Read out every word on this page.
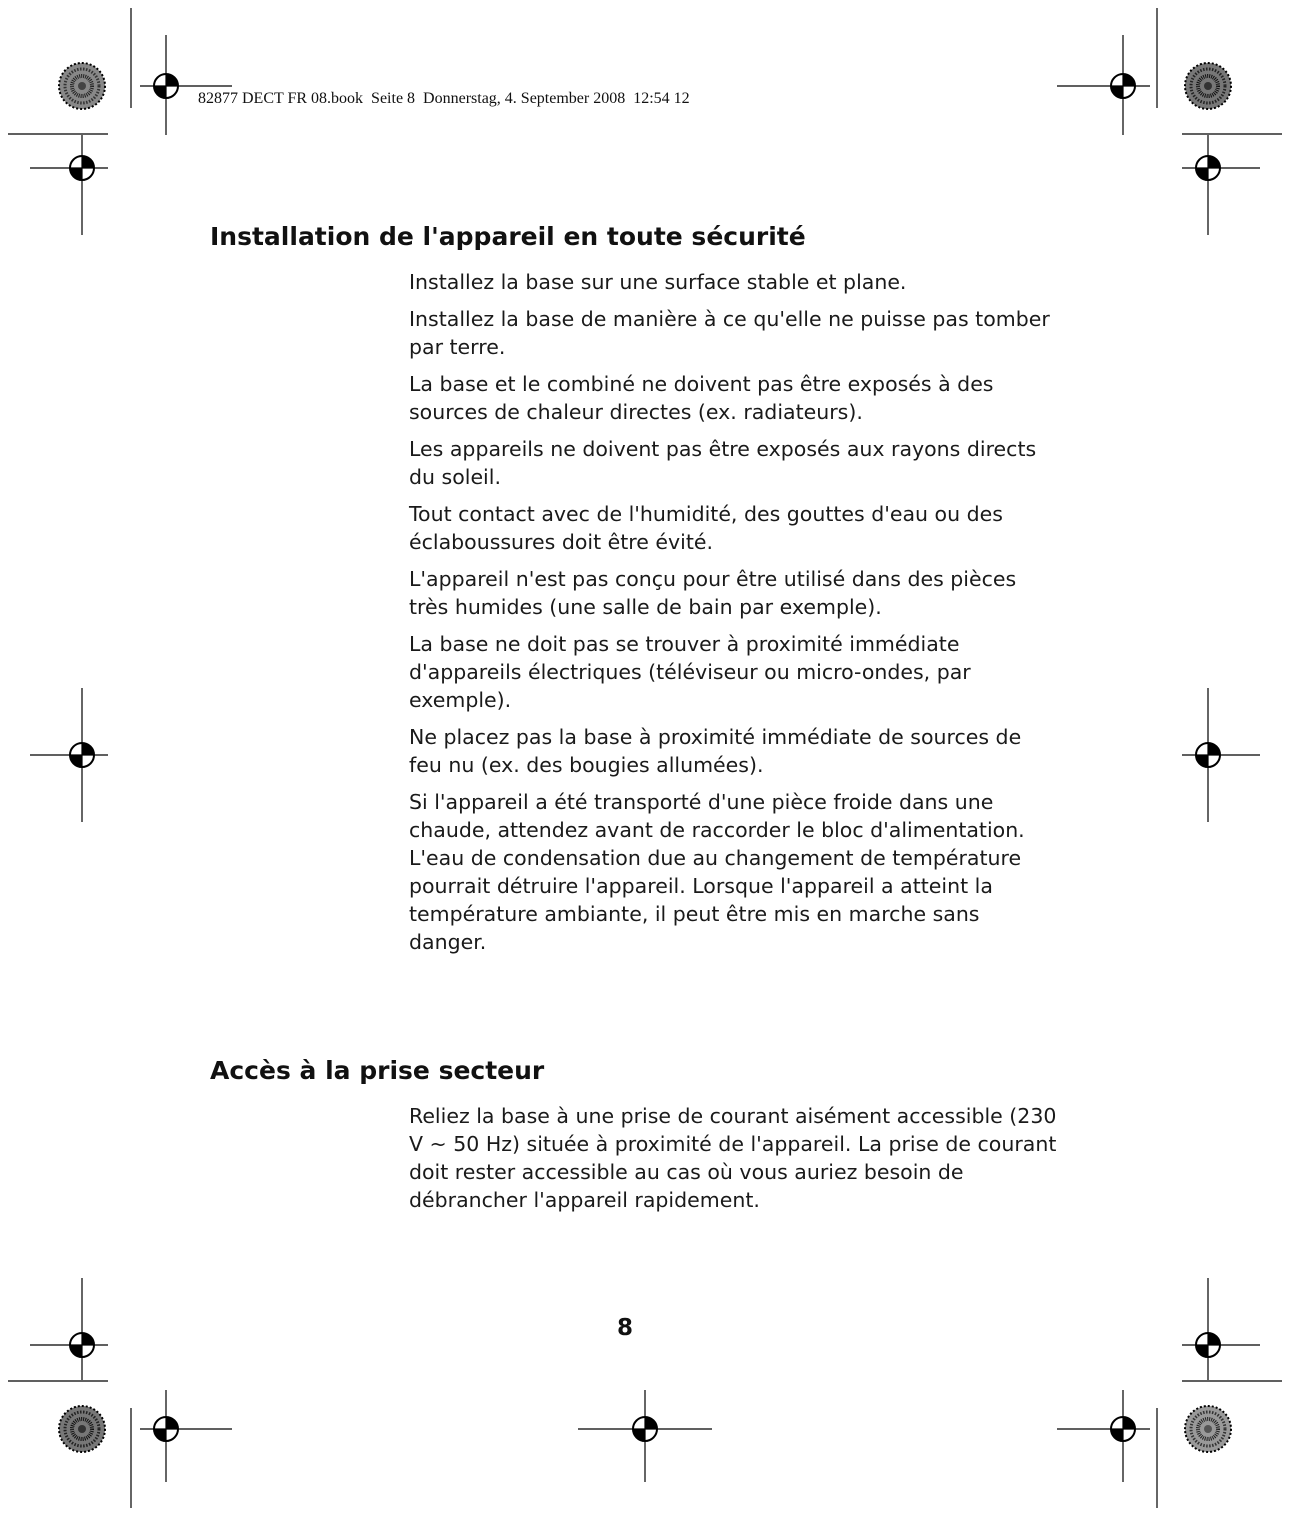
82877 DECT FR 08.book  Seite 8  Donnerstag, 4. September 2008  12:54 12
Installation de l'appareil en toute sécurité

Installez la base sur une surface stable et plane.

Installez la base de manière à ce qu'elle ne puisse pas tomber par terre.

La base et le combiné ne doivent pas être exposés à des sources de chaleur directes (ex. radiateurs).

Les appareils ne doivent pas être exposés aux rayons directs du soleil.

Tout contact avec de l'humidité, des gouttes d'eau ou des éclaboussures doit être évité.

L'appareil n'est pas conçu pour être utilisé dans des pièces très humides (une salle de bain par exemple).

La base ne doit pas se trouver à proximité immédiate d'appareils électriques (téléviseur ou micro-ondes, par exemple).

Ne placez pas la base à proximité immédiate de sources de feu nu (ex. des bougies allumées).

Si l'appareil a été transporté d'une pièce froide dans une chaude, attendez avant de raccorder le bloc d'alimentation. L'eau de condensation due au changement de température pourrait détruire l'appareil. Lorsque l'appareil a atteint la température ambiante, il peut être mis en marche sans danger.

Accès à la prise secteur

Reliez la base à une prise de courant aisément accessible (230 V ~ 50 Hz) située à proximité de l'appareil. La prise de courant doit rester accessible au cas où vous auriez besoin de débrancher l'appareil rapidement.

8
